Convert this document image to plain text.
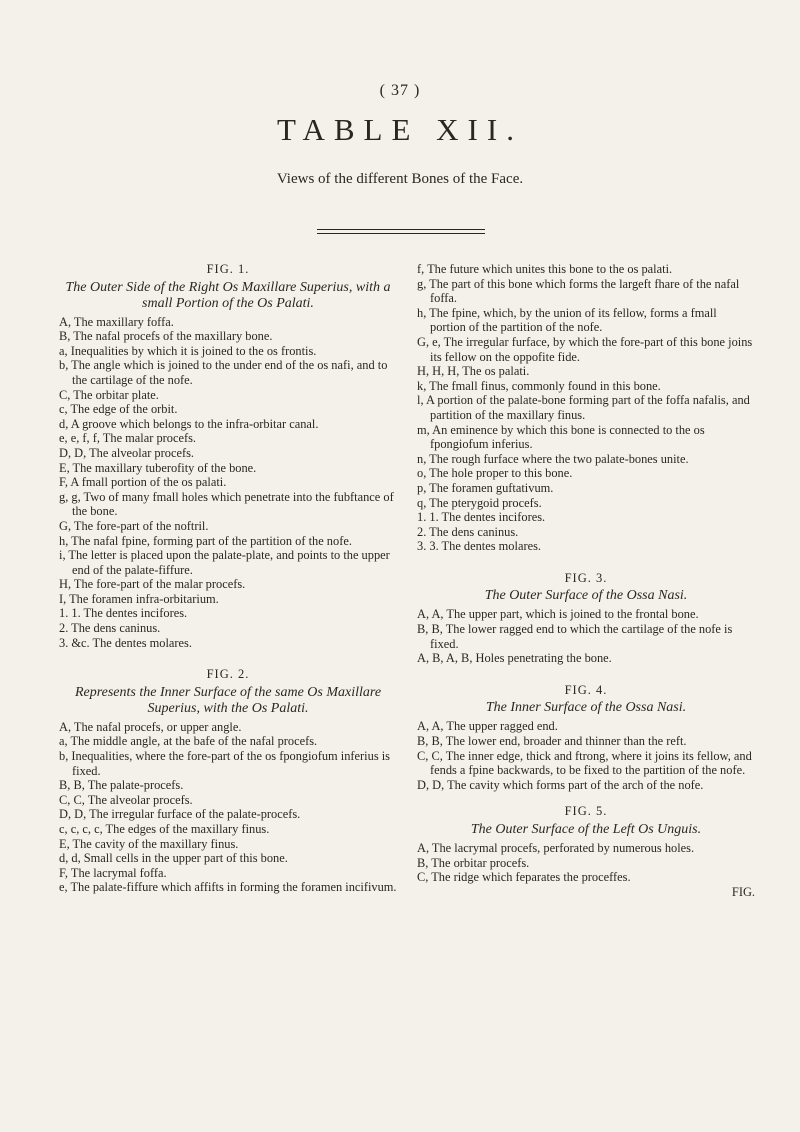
( 37 )
TABLE XII.
Views of the different Bones of the Face.

FIG. 1.

The Outer Side of the Right Os Maxillare Superius, with a small Portion of the Os Palati.

A, The maxillary foffa.

B, The nafal procefs of the maxillary bone.

a, Inequalities by which it is joined to the os frontis.

b, The angle which is joined to the under end of the os nafi, and to the cartilage of the nofe.

C, The orbitar plate.

c, The edge of the orbit.

d, A groove which belongs to the infra-orbitar canal.

e, e, f, f, The malar procefs.

D, D, The alveolar procefs.

E, The maxillary tuberofity of the bone.

F, A fmall portion of the os palati.

g, g, Two of many fmall holes which penetrate into the fubftance of the bone.

G, The fore-part of the noftril.

h, The nafal fpine, forming part of the partition of the nofe.

i, The letter is placed upon the palate-plate, and points to the upper end of the palate-fiffure.

H, The fore-part of the malar procefs.

I, The foramen infra-orbitarium.

1. 1. The dentes incifores.

2. The dens caninus.

3. &c. The dentes molares.

FIG. 2.

Represents the Inner Surface of the same Os Maxillare Superius, with the Os Palati.

A, The nafal procefs, or upper angle.

a, The middle angle, at the bafe of the nafal procefs.

b, Inequalities, where the fore-part of the os fpongiofum inferius is fixed.

B, B, The palate-procefs.

C, C, The alveolar procefs.

D, D, The irregular furface of the palate-procefs.

c, c, c, c, The edges of the maxillary finus.

E, The cavity of the maxillary finus.

d, d, Small cells in the upper part of this bone.

F, The lacrymal foffa.

e, The palate-fiffure which affifts in forming the foramen incifivum.

f, The future which unites this bone to the os palati.

g, The part of this bone which forms the largeft fhare of the nafal foffa.

h, The fpine, which, by the union of its fellow, forms a fmall portion of the partition of the nofe.

G, e, The irregular furface, by which the fore-part of this bone joins its fellow on the oppofite fide.

H, H, H, The os palati.

k, The fmall finus, commonly found in this bone.

l, A portion of the palate-bone forming part of the foffa nafalis, and partition of the maxillary finus.

m, An eminence by which this bone is connected to the os fpongiofum inferius.

n, The rough furface where the two palate-bones unite.

o, The hole proper to this bone.

p, The foramen guftativum.

q, The pterygoid procefs.

1. 1. The dentes incifores.

2. The dens caninus.

3. 3. The dentes molares.

FIG. 3.

The Outer Surface of the Ossa Nasi.

A, A, The upper part, which is joined to the frontal bone.

B, B, The lower ragged end to which the cartilage of the nofe is fixed.

A, B, A, B, Holes penetrating the bone.

FIG. 4.

The Inner Surface of the Ossa Nasi.

A, A, The upper ragged end.

B, B, The lower end, broader and thinner than the reft.

C, C, The inner edge, thick and ftrong, where it joins its fellow, and fends a fpine backwards, to be fixed to the partition of the nofe.

D, D, The cavity which forms part of the arch of the nofe.

FIG. 5.

The Outer Surface of the Left Os Unguis.

A, The lacrymal procefs, perforated by numerous holes.

B, The orbitar procefs.

C, The ridge which feparates the proceffes.

FIG.
